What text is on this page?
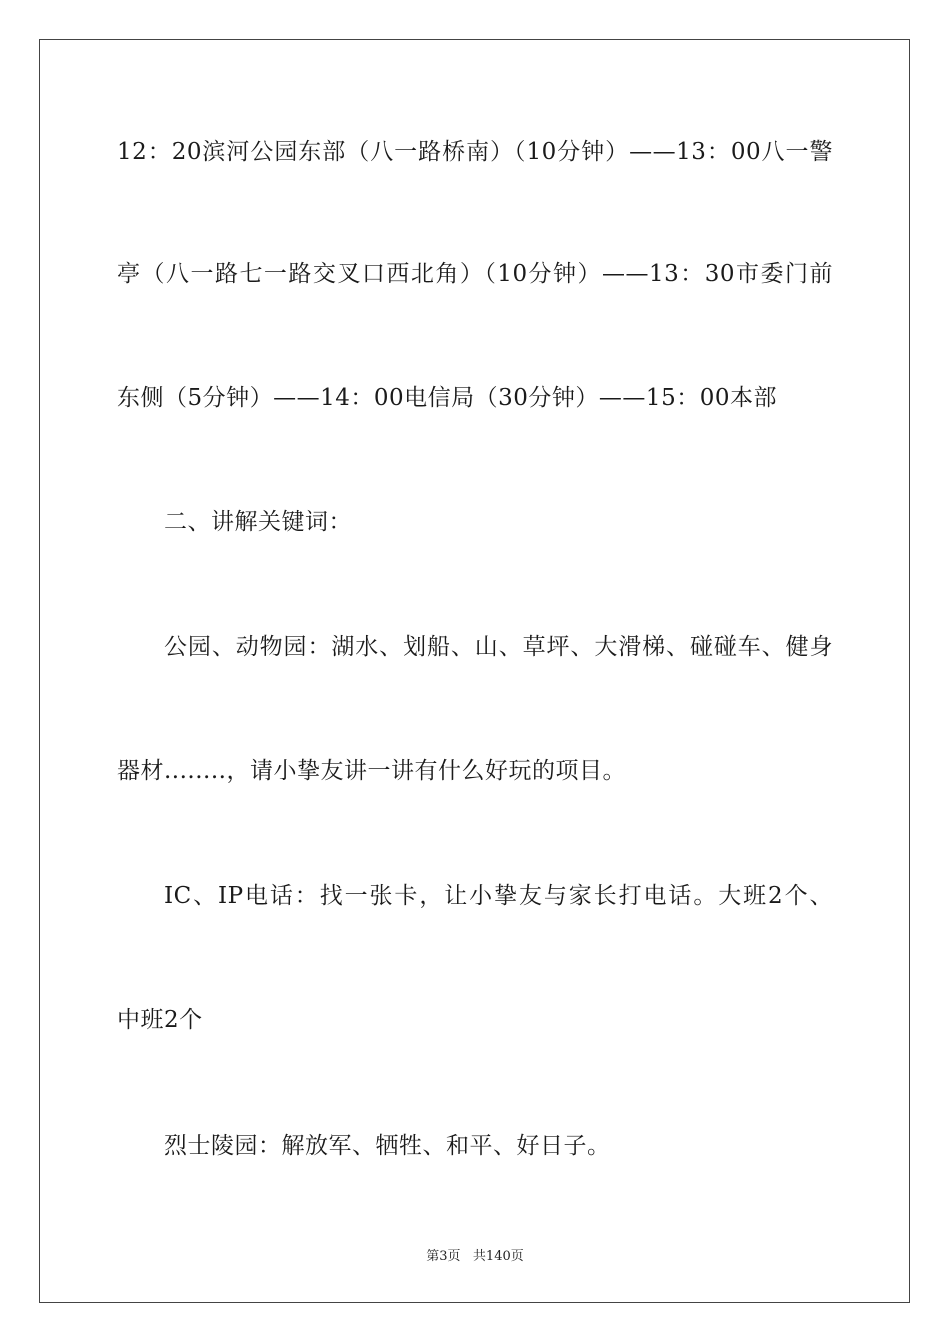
12：20滨河公园东部（八一路桥南）（10分钟）——13：00八一警
亭（八一路七一路交叉口西北角）（10分钟）——13：30市委门前
东侧（5分钟）——14：00电信局（30分钟）——15：00本部
二、讲解关键词：
公园、动物园：湖水、划船、山、草坪、大滑梯、碰碰车、健身
器材........，请小挚友讲一讲有什么好玩的项目。
IC、IP电话：找一张卡，让小挚友与家长打电话。大班2个、
中班2个
烈士陵园：解放军、牺牲、和平、好日子。
第3页 共140页
